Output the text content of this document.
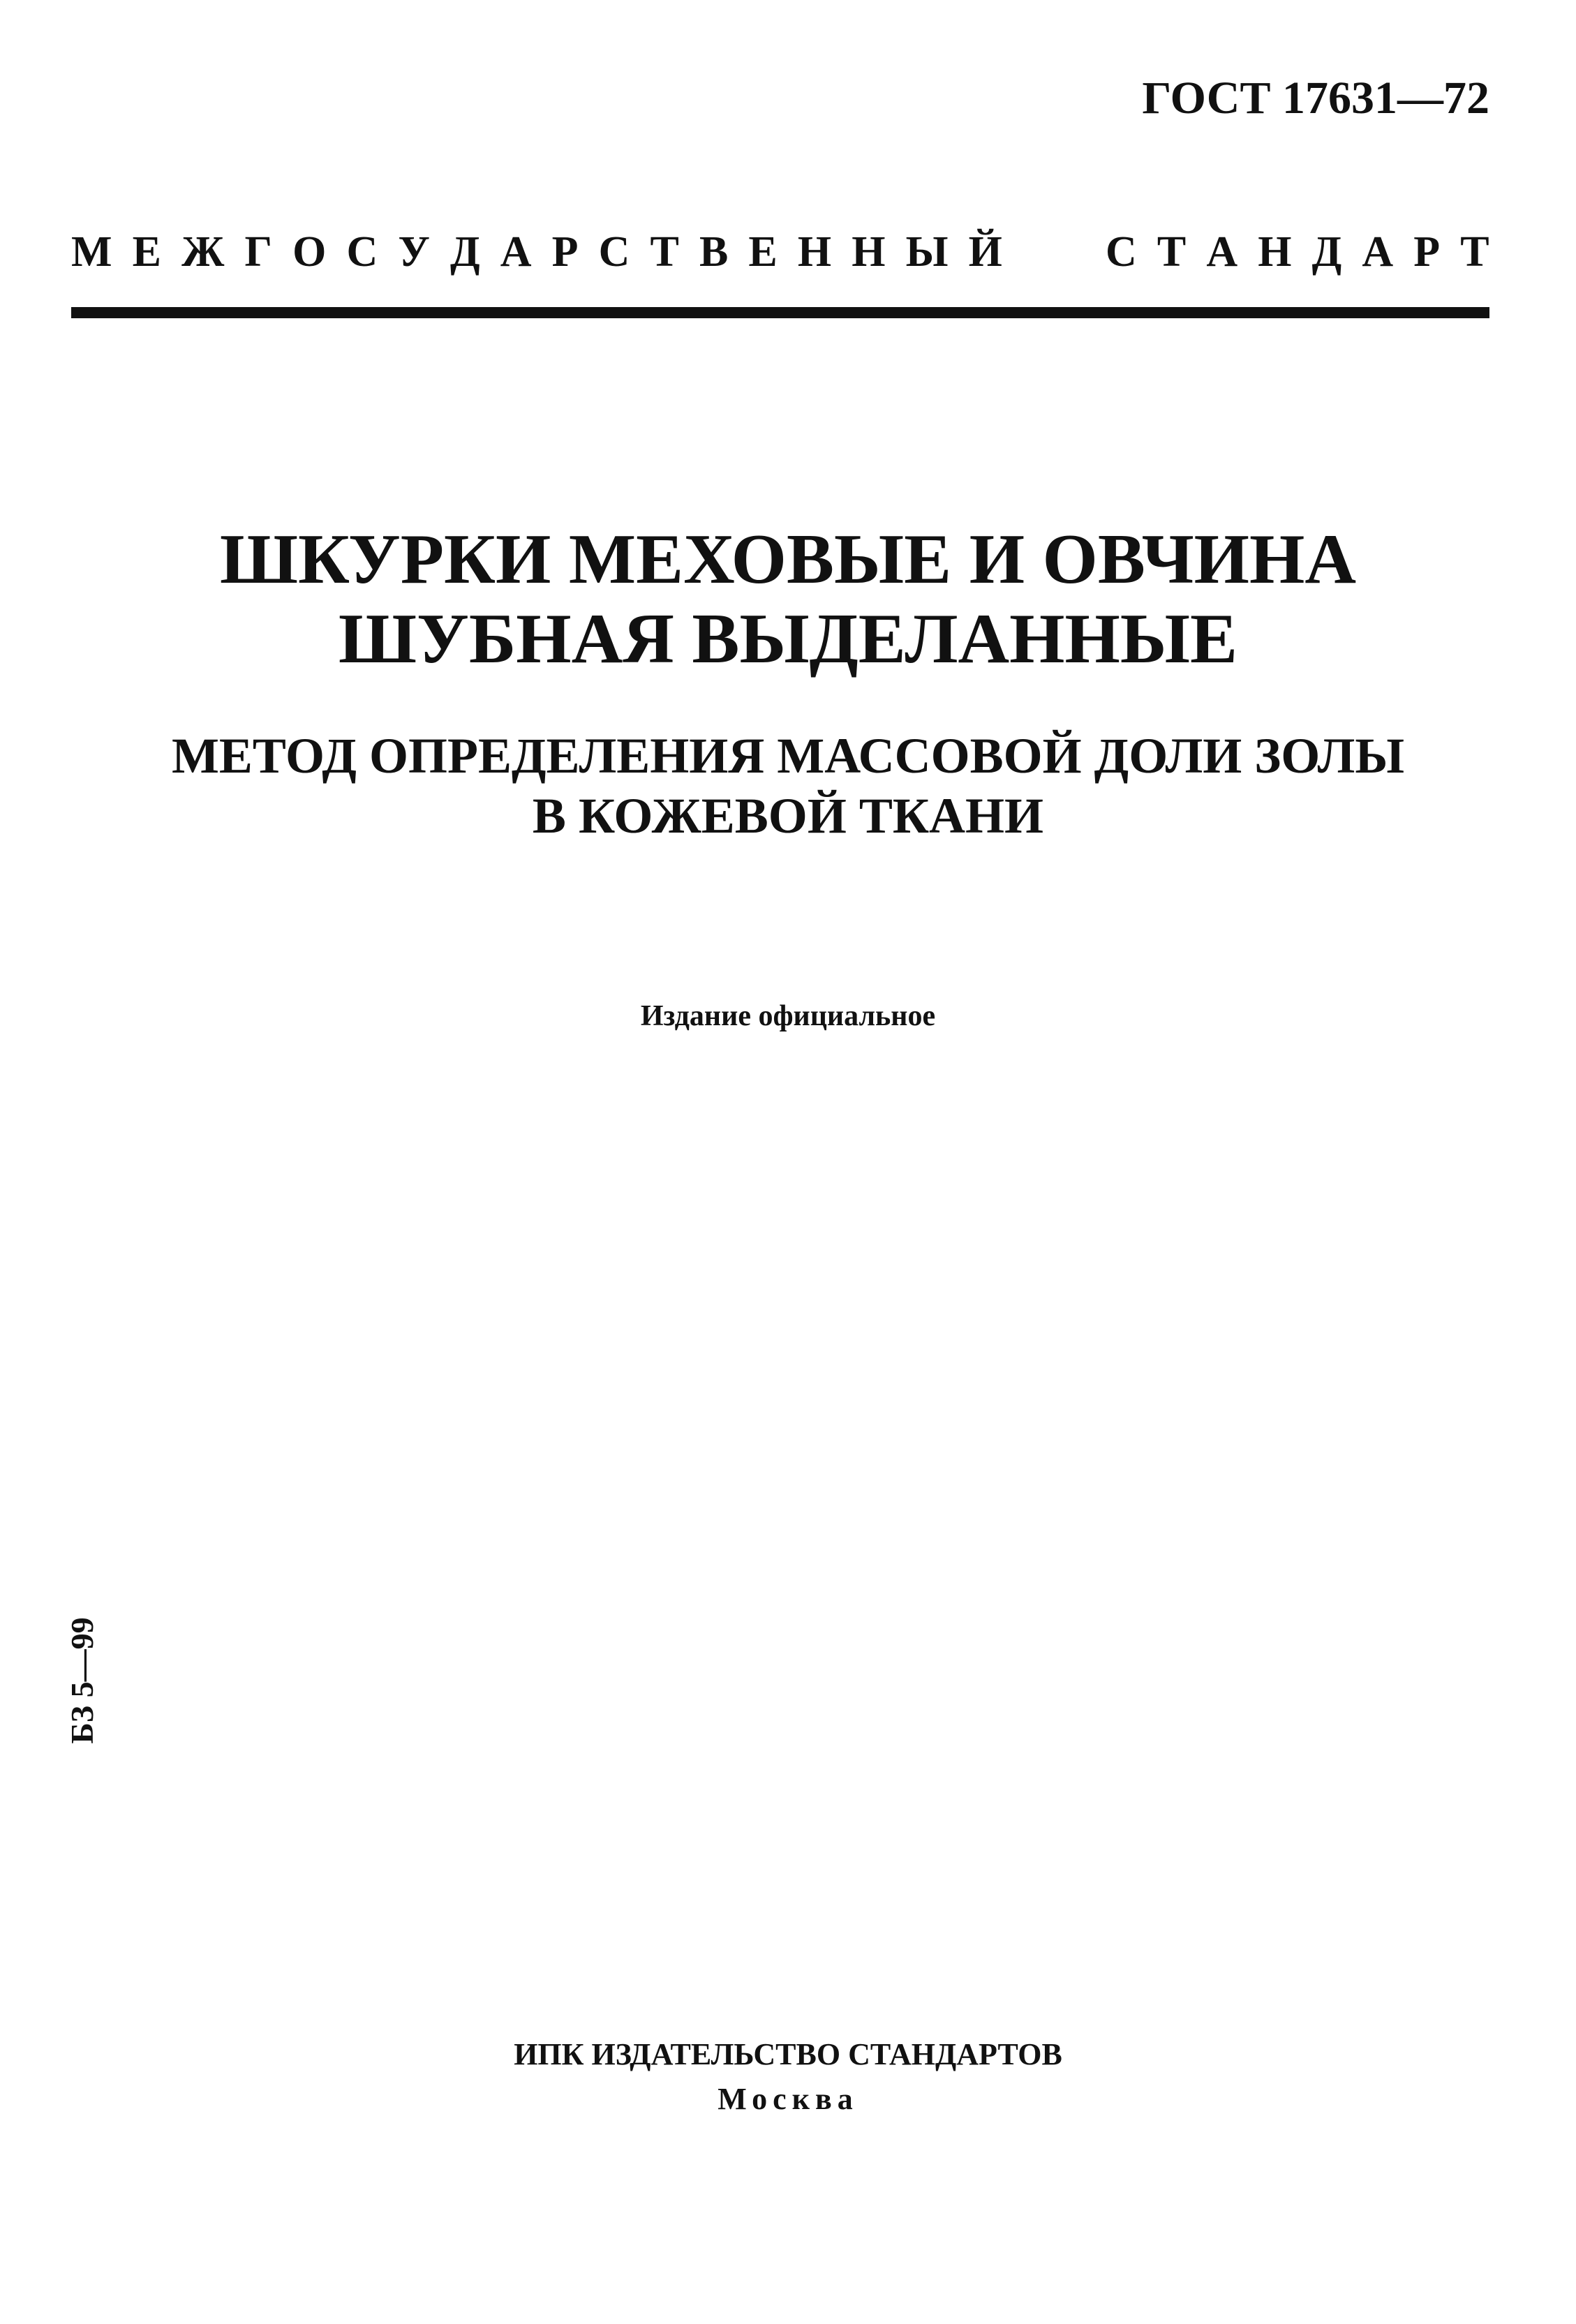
ГОСТ 17631—72
М Е Ж Г О С У Д А Р С Т В Е Н Н Ы Й С Т А Н Д А Р Т
ШКУРКИ МЕХОВЫЕ И ОВЧИНА
ШУБНАЯ ВЫДЕЛАННЫЕ
МЕТОД ОПРЕДЕЛЕНИЯ МАССОВОЙ ДОЛИ ЗОЛЫ
В КОЖЕВОЙ ТКАНИ
Издание официальное
БЗ 5—99
ИПК ИЗДАТЕЛЬСТВО СТАНДАРТОВ
Москва
